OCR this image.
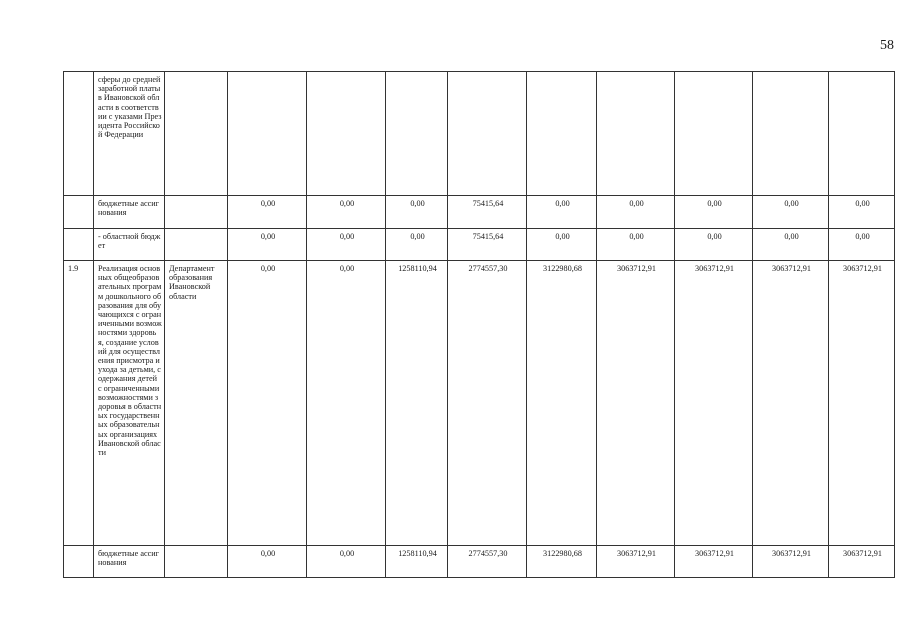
58

	сферы до средней заработной платы в Ивановской области в соответствии с указами Президента Российской Федерации										

	бюджетные ассигнования		0,00	0,00	0,00	75415,64	0,00	0,00	0,00	0,00	0,00

	- областной бюджет		0,00	0,00	0,00	75415,64	0,00	0,00	0,00	0,00	0,00

1.9	Реализация основных общеобразовательных программ дошкольного образования для обучающихся с ограниченными возможностями здоровья, создание условий для осуществления присмотра и ухода за детьми, содержания детей с ограниченными возможностями здоровья в областных государственных образовательных организациях Ивановской области	Департамент образования Ивановской области	0,00	0,00	1258110,94	2774557,30	3122980,68	3063712,91	3063712,91	3063712,91	3063712,91

	бюджетные ассигнования		0,00	0,00	1258110,94	2774557,30	3122980,68	3063712,91	3063712,91	3063712,91	3063712,91
